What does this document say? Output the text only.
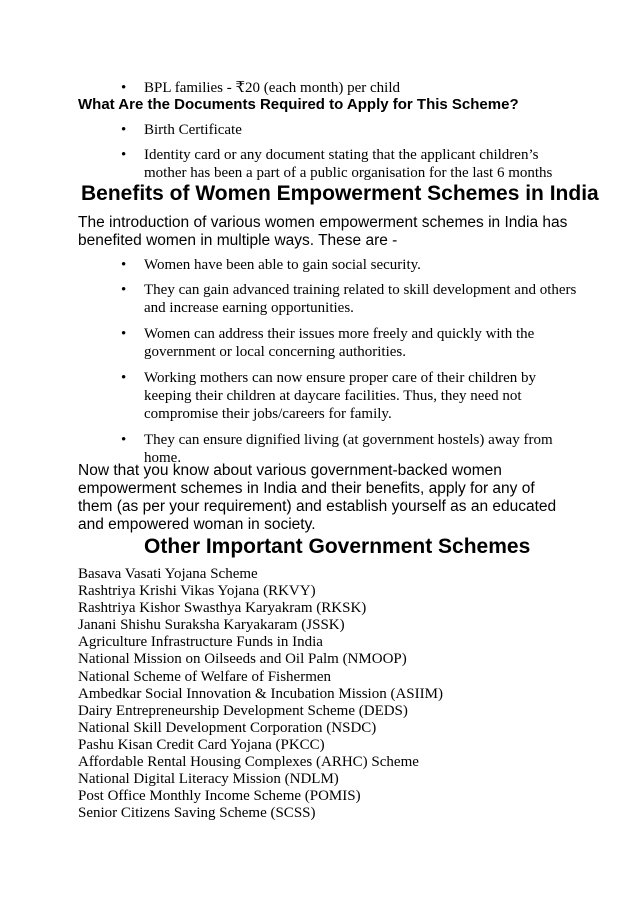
• BPL families - ₹20 (each month) per child
What Are the Documents Required to Apply for This Scheme?
• Birth Certificate
• Identity card or any document stating that the applicant children’s mother has been a part of a public organisation for the last 6 months
Benefits of Women Empowerment Schemes in India
The introduction of various women empowerment schemes in India has benefited women in multiple ways. These are -
• Women have been able to gain social security.
• They can gain advanced training related to skill development and others and increase earning opportunities.
• Women can address their issues more freely and quickly with the government or local concerning authorities.
• Working mothers can now ensure proper care of their children by keeping their children at daycare facilities. Thus, they need not compromise their jobs/careers for family.
• They can ensure dignified living (at government hostels) away from home.
Now that you know about various government-backed women empowerment schemes in India and their benefits, apply for any of them (as per your requirement) and establish yourself as an educated and empowered woman in society.
Other Important Government Schemes
Basava Vasati Yojana Scheme
Rashtriya Krishi Vikas Yojana (RKVY)
Rashtriya Kishor Swasthya Karyakram (RKSK)
Janani Shishu Suraksha Karyakaram (JSSK)
Agriculture Infrastructure Funds in India
National Mission on Oilseeds and Oil Palm (NMOOP)
National Scheme of Welfare of Fishermen
Ambedkar Social Innovation & Incubation Mission (ASIIM)
Dairy Entrepreneurship Development Scheme (DEDS)
National Skill Development Corporation (NSDC)
Pashu Kisan Credit Card Yojana (PKCC)
Affordable Rental Housing Complexes (ARHC) Scheme
National Digital Literacy Mission (NDLM)
Post Office Monthly Income Scheme (POMIS)
Senior Citizens Saving Scheme (SCSS)
